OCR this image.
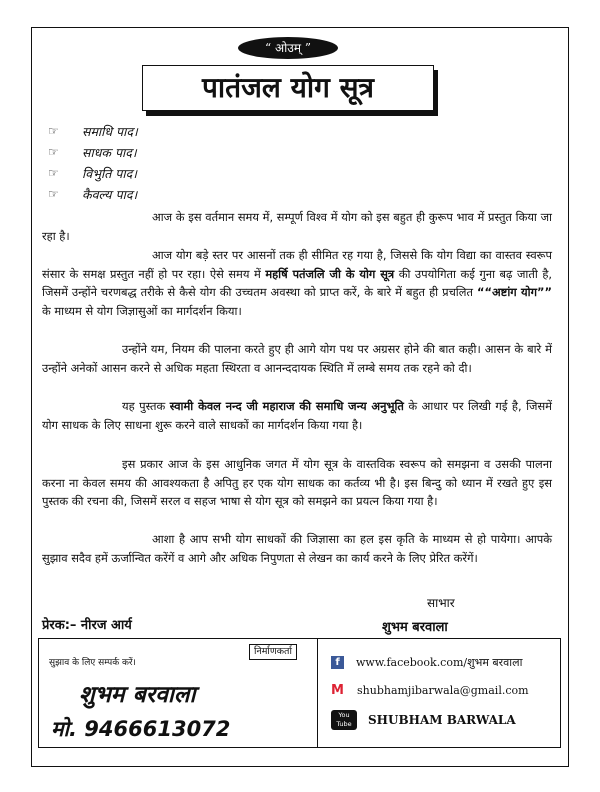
“ ओउम् ”
पातंजल योग सूत्र
☞	समाधि पाद।
☞	साधक पाद।
☞	विभुति पाद।
☞	कैवल्य पाद।

आज के इस वर्तमान समय में, सम्पूर्ण विश्व में योग को इस बहुत ही कुरूप भाव में प्रस्तुत किया जा रहा है।

आज योग बड़े स्तर पर आसनों तक ही सीमित रह गया है, जिससे कि योग विद्या का वास्तव स्वरूप संसार के समक्ष प्रस्तुत नहीं हो पर रहा। ऐसे समय में महर्षि पतंजलि जी के योग सूत्र की उपयोगिता कई गुना बढ़ जाती है, जिसमें उन्होंने चरणबद्ध तरीके से कैसे योग की उच्चतम अवस्था को प्राप्त करें, के बारे में बहुत ही प्रचलित ““अष्टांग योग”” के माध्यम से योग जिज्ञासुओं का मार्गदर्शन किया।

उन्होंने यम, नियम की पालना करते हुए ही आगे योग पथ पर अग्रसर होने की बात कही। आसन के बारे में उन्होंने अनेकों आसन करने से अधिक महता स्थिरता व आनन्ददायक स्थिति में लम्बे समय तक रहने को दी।

यह पुस्तक स्वामी केवल नन्द जी महाराज की समाधि जन्य अनुभूति के आधार पर लिखी गई है, जिसमें योग साधक के लिए साधना शुरू करने वाले साधकों का मार्गदर्शन किया गया है।

इस प्रकार आज के इस आधुनिक जगत में योग सूत्र के वास्तविक स्वरूप को समझना व उसकी पालना करना ना केवल समय की आवश्यकता है अपितु हर एक योग साधक का कर्तव्य भी है। इस बिन्दु को ध्यान में रखते हुए इस पुस्तक की रचना की, जिसमें सरल व सहज भाषा से योग सूत्र को समझने का प्रयत्न किया गया है।

आशा है आप सभी योग साधकों की जिज्ञासा का हल इस कृति के माध्यम से हो पायेगा। आपके सुझाव सदैव हमें ऊर्जान्वित करेंगें व आगे और अधिक निपुणता से लेखन का कार्य करने के लिए प्रेरित करेंगें।

साभार
प्रेरक:– नीरज आर्य	शुभम बरवाला
सुझाव के लिए सम्पर्क करें।
निर्माणकर्ता
शुभम बरवाला
मो. 9466613072
f	www.facebook.com/शुभम बरवाला
M shubhamjibarwala@gmail.com
You
Tube	SHUBHAM BARWALA
